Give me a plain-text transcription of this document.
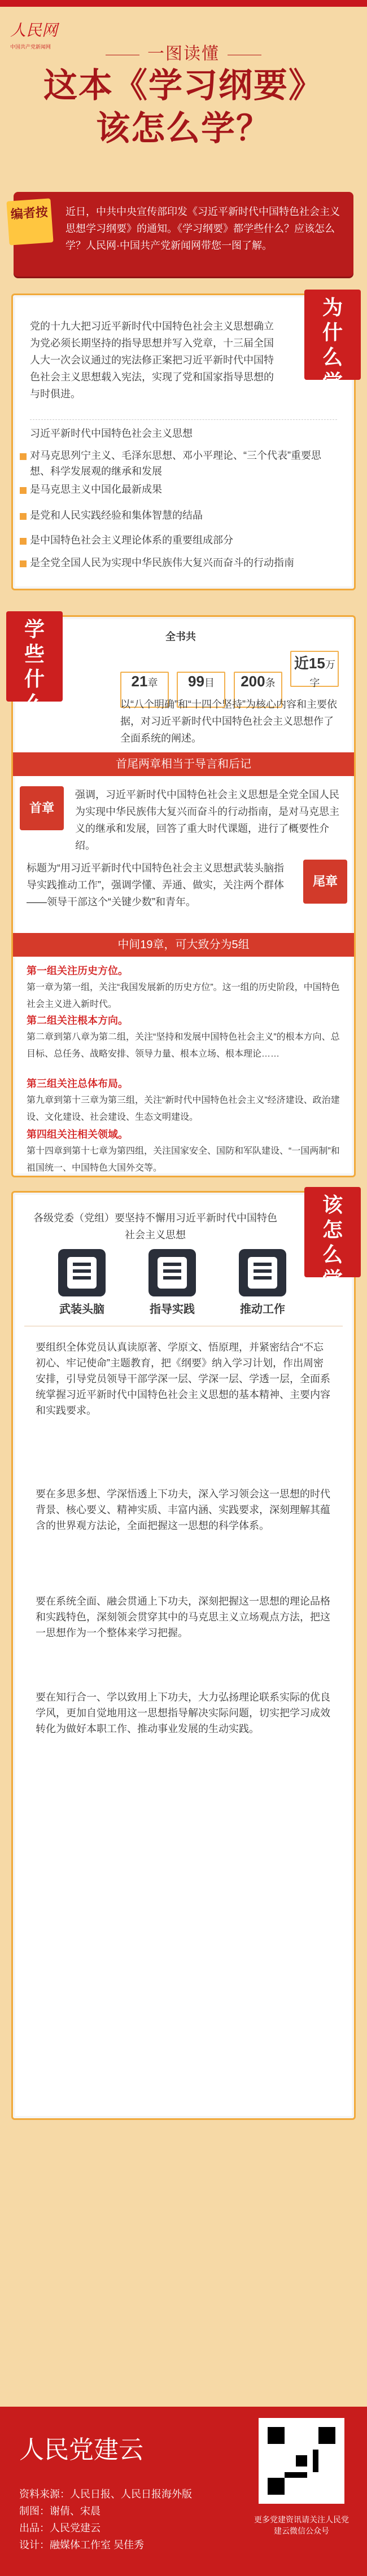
人民网
中国共产党新闻网	一图读懂
这本《学习纲要》
该怎么学？
编者按	近日，中共中央宣传部印发《习近平新时代中国特色社会主义思想学习纲要》的通知。《学习纲要》都学些什么？应该怎么学？人民网·中国共产党新闻网带您一图了解。
为
什
么
学
？
党的十九大把习近平新时代中国特色社会主义思想确立为党必须长期坚持的指导思想并写入党章，十三届全国人大一次会议通过的宪法修正案把习近平新时代中国特色社会主义思想载入宪法，实现了党和国家指导思想的与时俱进。
习近平新时代中国特色社会主义思想
对马克思列宁主义、毛泽东思想、邓小平理论、“三个代表”重要思想、科学发展观的继承和发展
是马克思主义中国化最新成果
是党和人民实践经验和集体智慧的结晶
是中国特色社会主义理论体系的重要组成部分
是全党全国人民为实现中华民族伟大复兴而奋斗的行动指南
学
些
什
么
？
全书共
21章 99目 200条 近15万字
以“八个明确”和“十四个坚持”为核心内容和主要依据，对习近平新时代中国特色社会主义思想作了全面系统的阐述。
首尾两章相当于导言和后记
首章
强调，习近平新时代中国特色社会主义思想是全党全国人民为实现中华民族伟大复兴而奋斗的行动指南，是对马克思主义的继承和发展，回答了重大时代课题，进行了概要性介绍。
尾章
标题为“用习近平新时代中国特色社会主义思想武装头脑指导实践推动工作”，强调学懂、弄通、做实，关注两个群体——领导干部这个“关键少数”和青年。
中间19章，可大致分为5组
第一组关注历史方位。
第一章为第一组，关注“我国发展新的历史方位”。这一组的历史阶段，中国特色社会主义进入新时代。
第二组关注根本方向。
第二章到第八章为第二组，关注“坚持和发展中国特色社会主义”的根本方向、总目标、总任务、战略安排、领导力量、根本立场、根本理论……
第三组关注总体布局。
第九章到第十三章为第三组，关注“新时代中国特色社会主义”经济建设、政治建设、文化建设、社会建设、生态文明建设。
第四组关注相关领域。
第十四章到第十七章为第四组，关注国家安全、国防和军队建设、“一国两制”和祖国统一、中国特色大国外交等。
该
怎
么
学
？
各级党委（党组）要坚持不懈用习近平新时代中国特色社会主义思想
武装头脑	指导实践	推动工作
要组织全体党员认真读原著、学原文、悟原理，并紧密结合“不忘初心、牢记使命”主题教育，把《纲要》纳入学习计划，作出周密安排，引导党员领导干部学深一层、学深一层、学透一层，全面系统掌握习近平新时代中国特色社会主义思想的基本精神、主要内容和实践要求。
要在多思多想、学深悟透上下功夫，深入学习领会这一思想的时代背景、核心要义、精神实质、丰富内涵、实践要求，深刻理解其蕴含的世界观方法论，全面把握这一思想的科学体系。
要在系统全面、融会贯通上下功夫，深刻把握这一思想的理论品格和实践特色，深刻领会贯穿其中的马克思主义立场观点方法，把这一思想作为一个整体来学习把握。
要在知行合一、学以致用上下功夫，大力弘扬理论联系实际的优良学风，更加自觉地用这一思想指导解决实际问题，切实把学习成效转化为做好本职工作、推动事业发展的生动实践。
人民党建云
资料来源：人民日报、人民日报海外版
制图：谢倩、宋晨
出品：人民党建云
设计：融媒体工作室 吴佳秀
更多党建资讯请关注人民党建云微信公众号
